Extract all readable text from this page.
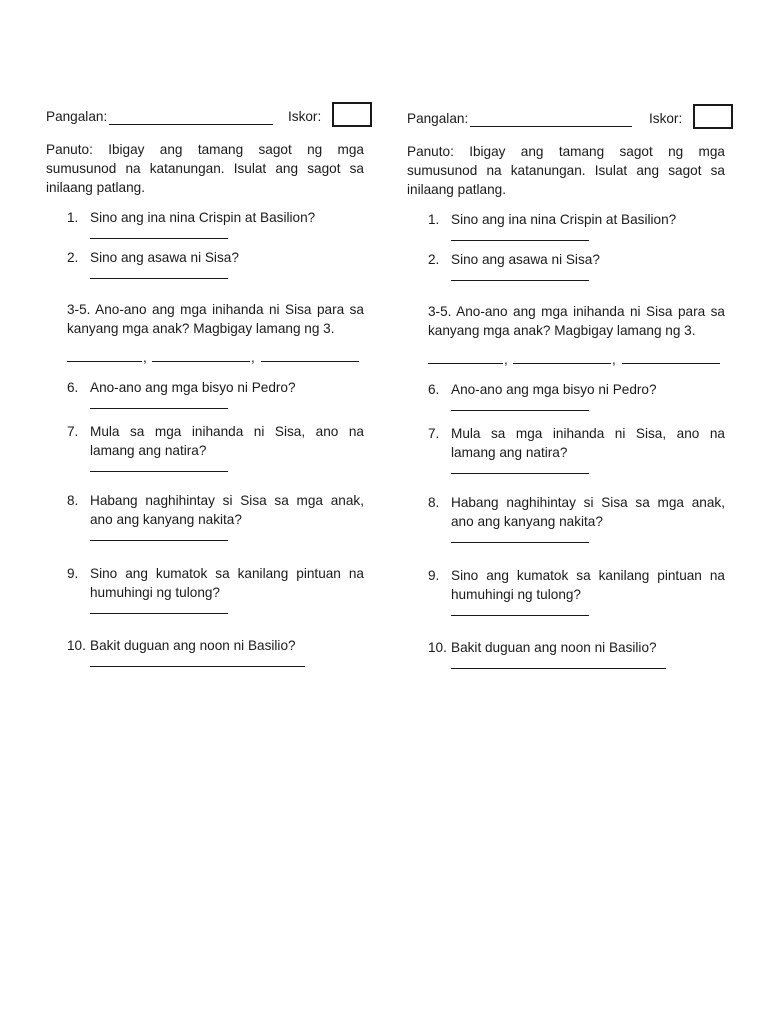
Pangalan:	Iskor:
Panuto: Ibigay ang tamang sagot ng mga sumusunod na katanungan. Isulat ang sagot sa inilaang patlang.
1. Sino ang ina nina Crispin at Basilion?
2. Sino ang asawa ni Sisa?
3-5. Ano-ano ang mga inihanda ni Sisa para sa kanyang mga anak? Magbigay lamang ng 3.
,	,
6. Ano-ano ang mga bisyo ni Pedro?
7. Mula sa mga inihanda ni Sisa, ano na lamang ang natira?
8. Habang naghihintay si Sisa sa mga anak, ano ang kanyang nakita?
9. Sino ang kumatok sa kanilang pintuan na humuhingi ng tulong?
10. Bakit duguan ang noon ni Basilio?
Pangalan:	Iskor:
Panuto: Ibigay ang tamang sagot ng mga sumusunod na katanungan. Isulat ang sagot sa inilaang patlang.
1. Sino ang ina nina Crispin at Basilion?
2. Sino ang asawa ni Sisa?
3-5. Ano-ano ang mga inihanda ni Sisa para sa kanyang mga anak? Magbigay lamang ng 3.
,	,
6. Ano-ano ang mga bisyo ni Pedro?
7. Mula sa mga inihanda ni Sisa, ano na lamang ang natira?
8. Habang naghihintay si Sisa sa mga anak, ano ang kanyang nakita?
9. Sino ang kumatok sa kanilang pintuan na humuhingi ng tulong?
10. Bakit duguan ang noon ni Basilio?
